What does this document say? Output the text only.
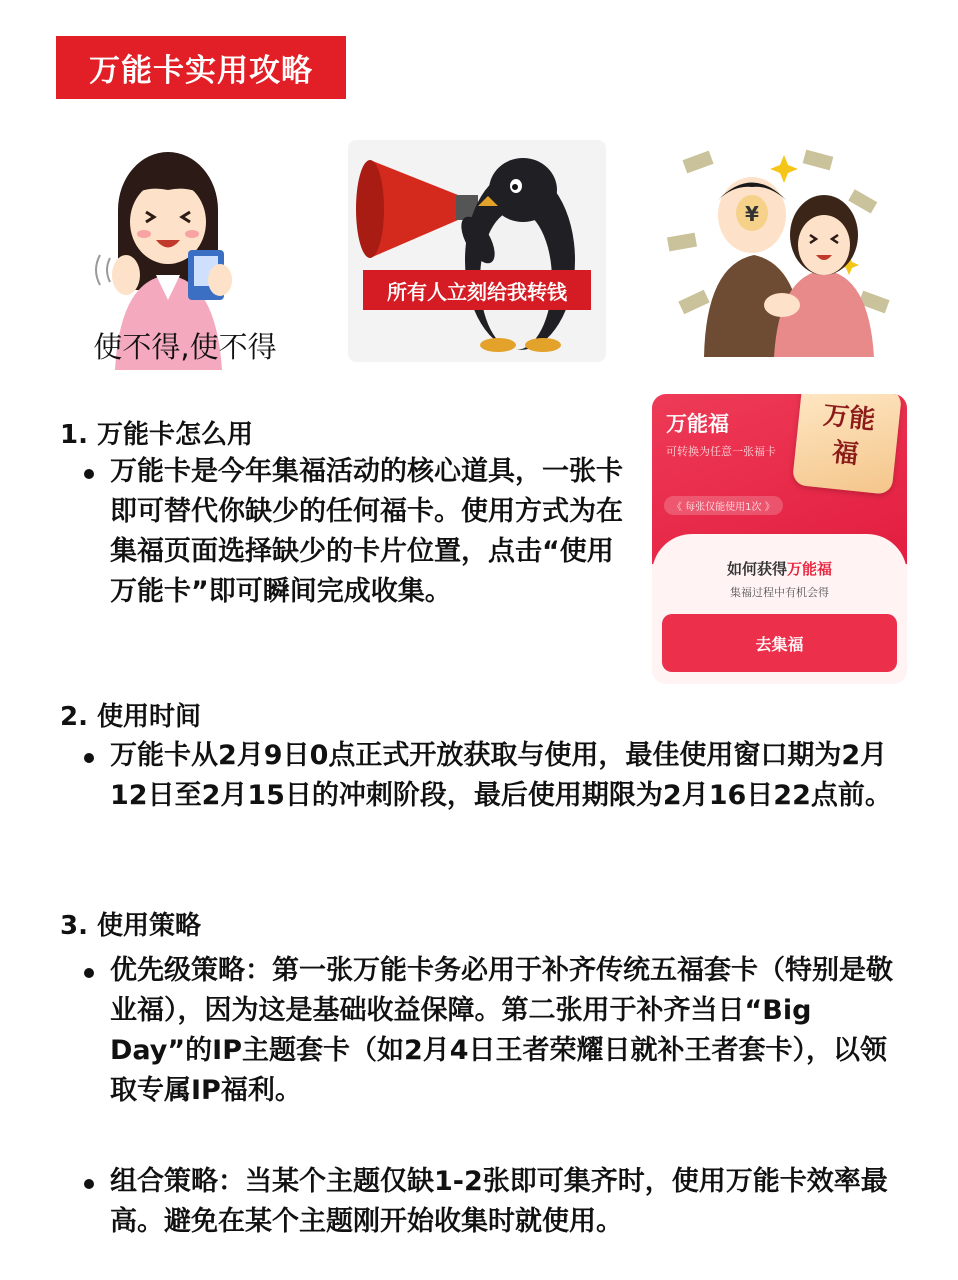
万能卡实用攻略
使不得,使不得
所有人立刻给我转钱
¥
万能福
可转换为任意一张福卡
《 每张仅能使用1次 》
万能福
如何获得万能福
集福过程中有机会得
去集福
1. 万能卡怎么用
万能卡是今年集福活动的核心道具，一张卡即可替代你缺少的任何福卡。使用方式为在集福页面选择缺少的卡片位置，点击“使用万能卡”即可瞬间完成收集。
2. 使用时间
万能卡从2月9日0点正式开放获取与使用，最佳使用窗口期为2月12日至2月15日的冲刺阶段，最后使用期限为2月16日22点前。
3. 使用策略
优先级策略：第一张万能卡务必用于补齐传统五福套卡（特别是敬业福），因为这是基础收益保障。第二张用于补齐当日“Big Day”的IP主题套卡（如2月4日王者荣耀日就补王者套卡），以领取专属IP福利。
组合策略：当某个主题仅缺1-2张即可集齐时，使用万能卡效率最高。避免在某个主题刚开始收集时就使用。
